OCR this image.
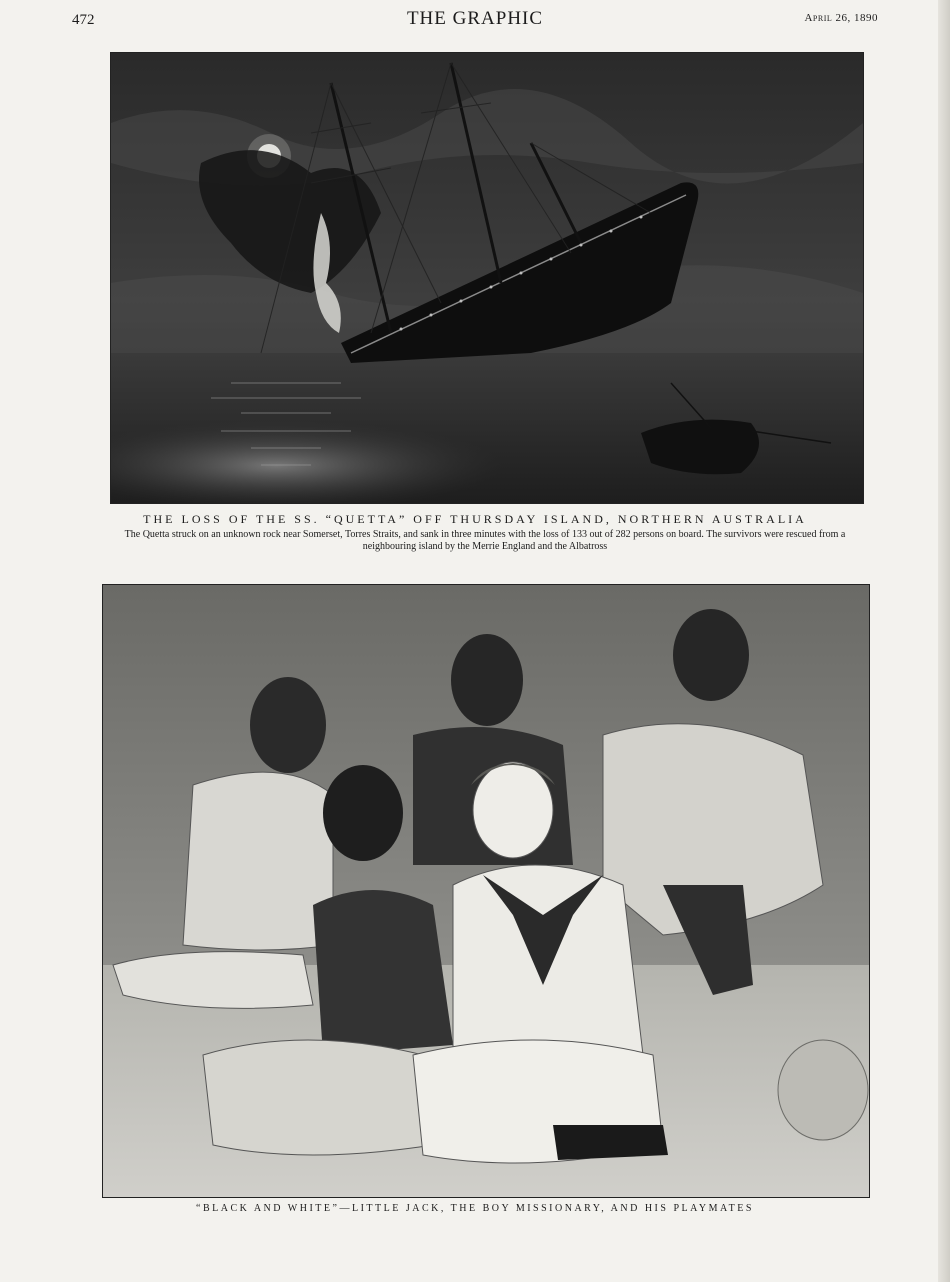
472	THE GRAPHIC	April 26, 1890
THE LOSS OF THE SS. “QUETTA” OFF THURSDAY ISLAND, NORTHERN AUSTRALIA
The Quetta struck on an unknown rock near Somerset, Torres Straits, and sank in three minutes with the loss of 133 out of 282 persons on board. The survivors were rescued from a neighbouring island by the Merrie England and the Albatross
“BLACK AND WHITE”—LITTLE JACK, THE BOY MISSIONARY, AND HIS PLAYMATES
